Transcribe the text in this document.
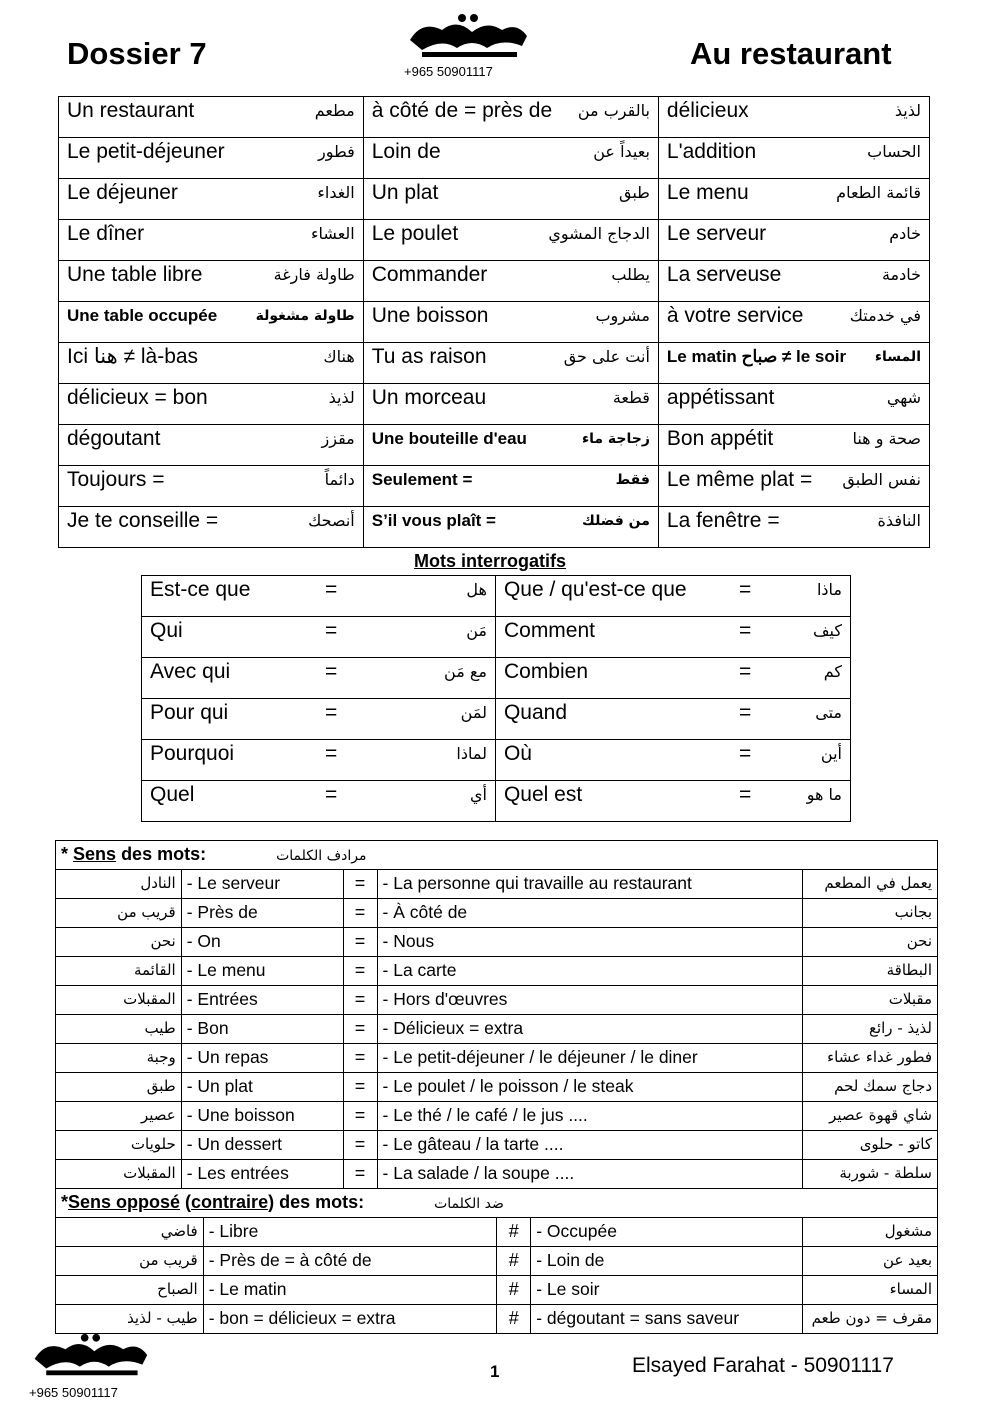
Dossier 7
+965 50901117
Au restaurant
Un restaurant مطعم	à côté de = près de بالقرب من	délicieux لذيذ

Le petit-déjeuner فطور	Loin de بعيداً عن	L'addition الحساب

Le déjeuner الغداء	Un plat طبق	Le menu قائمة الطعام

Le dîner العشاء	Le poulet الدجاج المشوي	Le serveur خادم

Une table libre طاولة فارغة	Commander يطلب	La serveuse خادمة

Une table occupée طاولة مشغولة	Une boisson مشروب	à votre service في خدمتك

Ici هنا ≠ là-bas هناك	Tu as raison أنت على حق	Le matin صباح ≠ le soir المساء

délicieux = bon لذيذ	Un morceau قطعة	appétissant شهي

dégoutant مقزز	Une bouteille d'eau زجاجة ماء	Bon appétit صحة و هنا

Toujours = دائماً	Seulement = فقط	Le même plat = نفس الطبق

Je te conseille = أنصحك	S’il vous plaît = من فضلك	La fenêtre = النافذة
Mots interrogatifs
Est-ce que = هل	Que / qu'est-ce que = ماذا

Qui = مَن	Comment = كيف

Avec qui = مع مَن	Combien = كم

Pour qui = لمَن	Quand = متى

Pourquoi = لماذا	Où = أين

Quel = أي	Quel est = ما هو
* Sens des mots: مرادف الكلمات							
النادل	- Le serveur		=	- La personne qui travaille au restaurant			يعمل في المطعم
قريب من	- Près de		=	- À côté de			بجانب
نحن	- On		=	- Nous			نحن
القائمة	- Le menu		=	- La carte			البطاقة
المقبلات	- Entrées		=	- Hors d'œuvres			مقبلات
طيب	- Bon		=	- Délicieux = extra			لذيذ - رائع
وجبة	- Un repas		=	- Le petit-déjeuner / le déjeuner / le diner			فطور غداء عشاء
طبق	- Un plat		=	- Le poulet / le poisson / le steak			دجاج سمك لحم
عصير	- Une boisson		=	- Le thé / le café / le jus ....			شاي قهوة عصير
حلويات	- Un dessert		=	- Le gâteau / la tarte ....			كاتو - حلوى
المقبلات	- Les entrées		=	- La salade / la soupe ....			سلطة - شوربة
*Sens opposé (contraire) des mots: ضد الكلمات							
فاضي		- Libre			#	- Occupée	مشغول
قريب من		- Près de = à côté de			#	- Loin de	بعيد عن
الصباح		- Le matin			#	- Le soir	المساء
طيب - لذيذ		- bon = délicieux = extra			#	- dégoutant = sans saveur	مقرف = دون طعم
+965 50901117
1	Elsayed Farahat - 50901117
